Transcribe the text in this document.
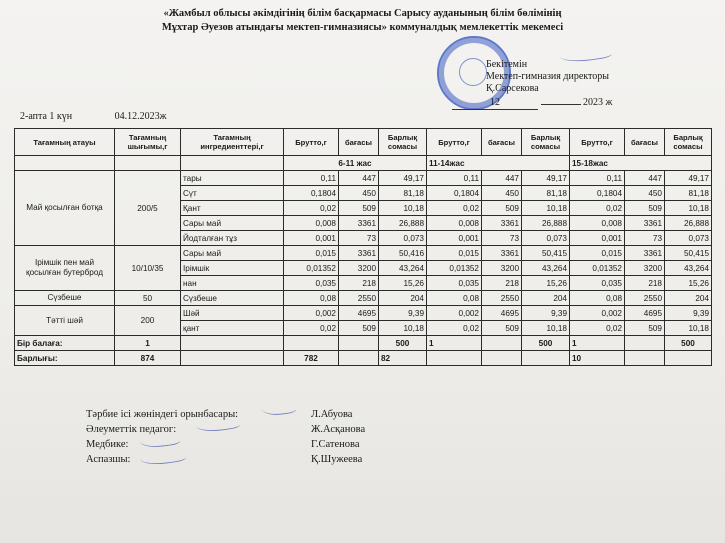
«Жамбыл облысы әкімдігінің білім басқармасы Сарысу ауданының білім бөлімінің
Мұхтар Әуезов атындағы мектеп-гимназиясы» коммуналдық мемлекеттік мекемесі
Бекітемін
Мектеп-гимназия директоры
Қ.Сарсекова
12	2023 ж
2-апта 1 күн	04.12.2023ж
Тағамның атауы	Тағамның шығымы,г	Тағамның ингредиенттері,г	Брутто,г	бағасы	Барлық сомасы	Брутто,г	бағасы	Барлық сомасы	Брутто,г	бағасы	Барлық сомасы
			6-11 жас			11-14жас			15-18жас		
Май қосылған ботқа	200/5	тары	0,11	447	49,17	0,11	447	49,17	0,11	447	49,17
		Сүт	0,1804	450	81,18	0,1804	450	81,18	0,1804	450	81,18
		Қант	0,02	509	10,18	0,02	509	10,18	0,02	509	10,18
		Сары май	0,008	3361	26,888	0,008	3361	26,888	0,008	3361	26,888
		Йодталған тұз	0,001	73	0,073	0,001	73	0,073	0,001	73	0,073
Ірімшік пен май қосылған бутерброд	10/10/35	Сары май	0,015	3361	50,416	0,015	3361	50,415	0,015	3361	50,415
		Ірімшік	0,01352	3200	43,264	0,01352	3200	43,264	0,01352	3200	43,264
		нан	0,035	218	15,26	0,035	218	15,26	0,035	218	15,26
Сүзбеше	50	Сүзбеше	0,08	2550	204	0,08	2550	204	0,08	2550	204
Тәтті шәй	200	Шәй	0,002	4695	9,39	0,002	4695	9,39	0,002	4695	9,39
		қант	0,02	509	10,18	0,02	509	10,18	0,02	509	10,18
Бір балаға:	1				500	1		500	1		500
Барлығы:	874		782		82				10		
Тәрбие ісі жөніндегі орынбасары:	Л.Абуова
Әлеуметтік педагог:	Ж.Асқанова
Медбике:	Г.Сатенова
Аспазшы:	Қ.Шужеева
